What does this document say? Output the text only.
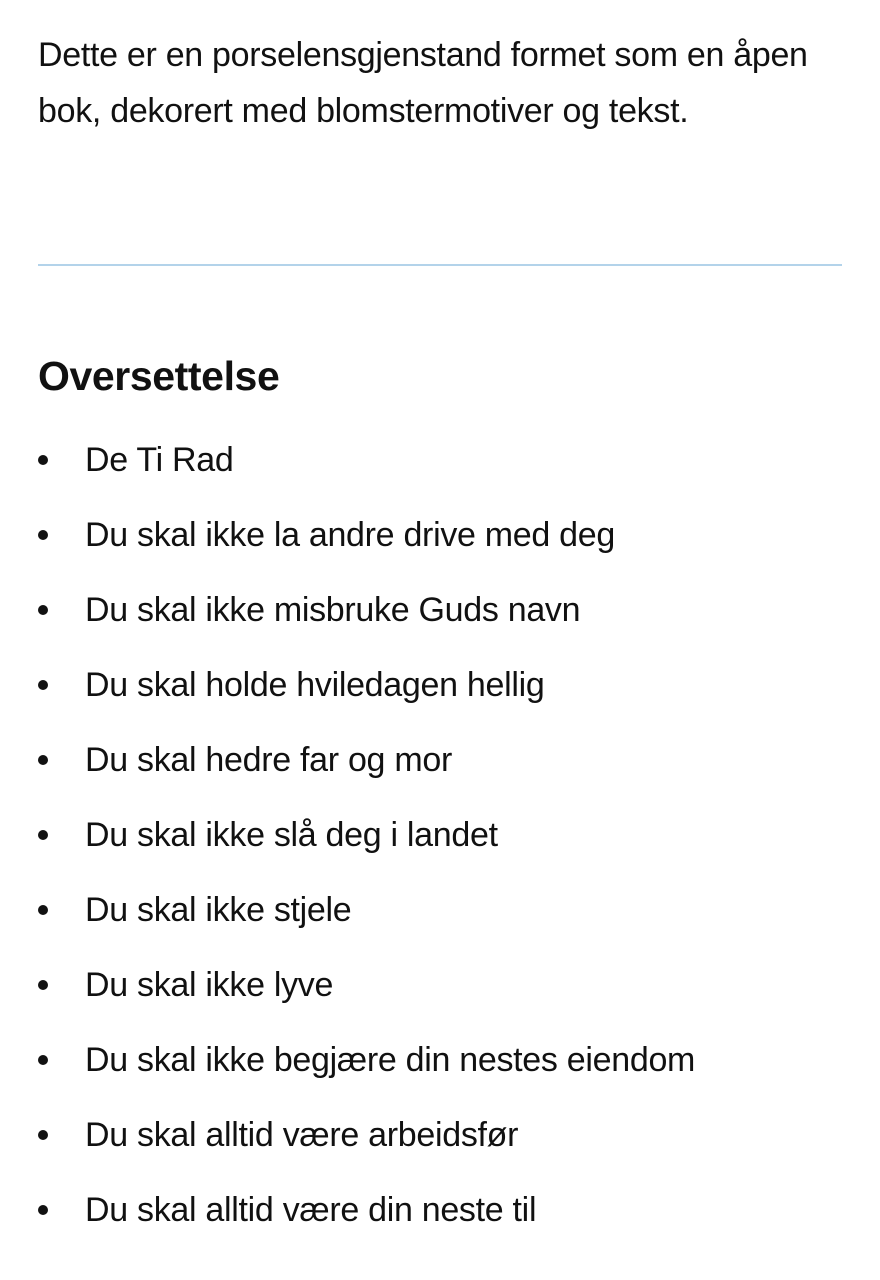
Dette er en porselensgjenstand formet som en åpen bok, dekorert med blomstermotiver og tekst.

Oversettelse
De Ti Rad
Du skal ikke la andre drive med deg
Du skal ikke misbruke Guds navn
Du skal holde hviledagen hellig
Du skal hedre far og mor
Du skal ikke slå deg i landet
Du skal ikke stjele
Du skal ikke lyve
Du skal ikke begjære din nestes eiendom
Du skal alltid være arbeidsfør
Du skal alltid være din neste til
